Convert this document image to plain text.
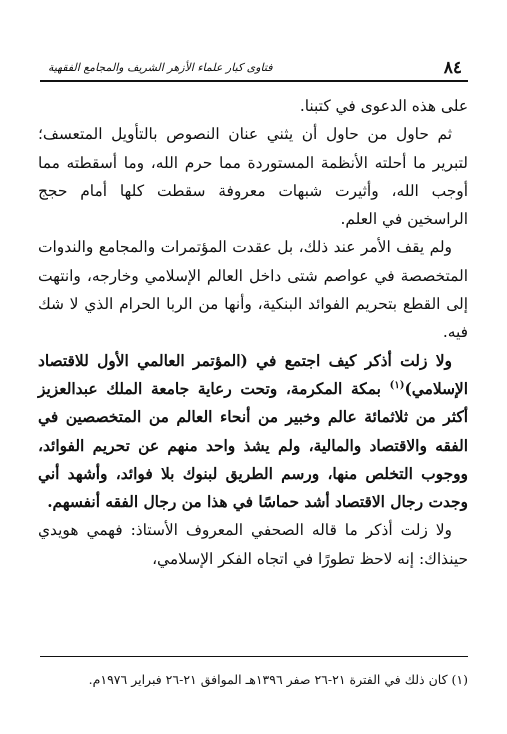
٨٤
فتاوى كبار علماء الأزهر الشريف والمجامع الفقهية

على هذه الدعوى في كتبنا.

ثم حاول من حاول أن يثني عنان النصوص بالتأويل المتعسف؛ لتبرير ما أحلته الأنظمة المستوردة مما حرم الله، وما أسقطته مما أوجب الله، وأثيرت شبهات معروفة سقطت كلها أمام حجج الراسخين في العلم.

ولم يقف الأمر عند ذلك، بل عقدت المؤتمرات والمجامع والندوات المتخصصة في عواصم شتى داخل العالم الإسلامي وخارجه، وانتهت إلى القطع بتحريم الفوائد البنكية، وأنها من الربا الحرام الذي لا شك فيه.

ولا زلت أذكر كيف اجتمع في (المؤتمر العالمي الأول للاقتصاد الإسلامي)$^{(١)}$ بمكة المكرمة، وتحت رعاية جامعة الملك عبدالعزيز أكثر من ثلاثمائة عالم وخبير من أنحاء العالم من المتخصصين في الفقه والاقتصاد والمالية، ولم يشذ واحد منهم عن تحريم الفوائد، ووجوب التخلص منها، ورسم الطريق لبنوك بلا فوائد، وأشهد أني وجدت رجال الاقتصاد أشد حماسًا في هذا من رجال الفقه أنفسهم.

ولا زلت أذكر ما قاله الصحفي المعروف الأستاذ: فهمي هويدي حينذاك: إنه لاحظ تطورًا في اتجاه الفكر الإسلامي،

(١) كان ذلك في الفترة ٢١-٢٦ صفر ١٣٩٦هـ الموافق ٢١-٢٦ فبراير ١٩٧٦م.
